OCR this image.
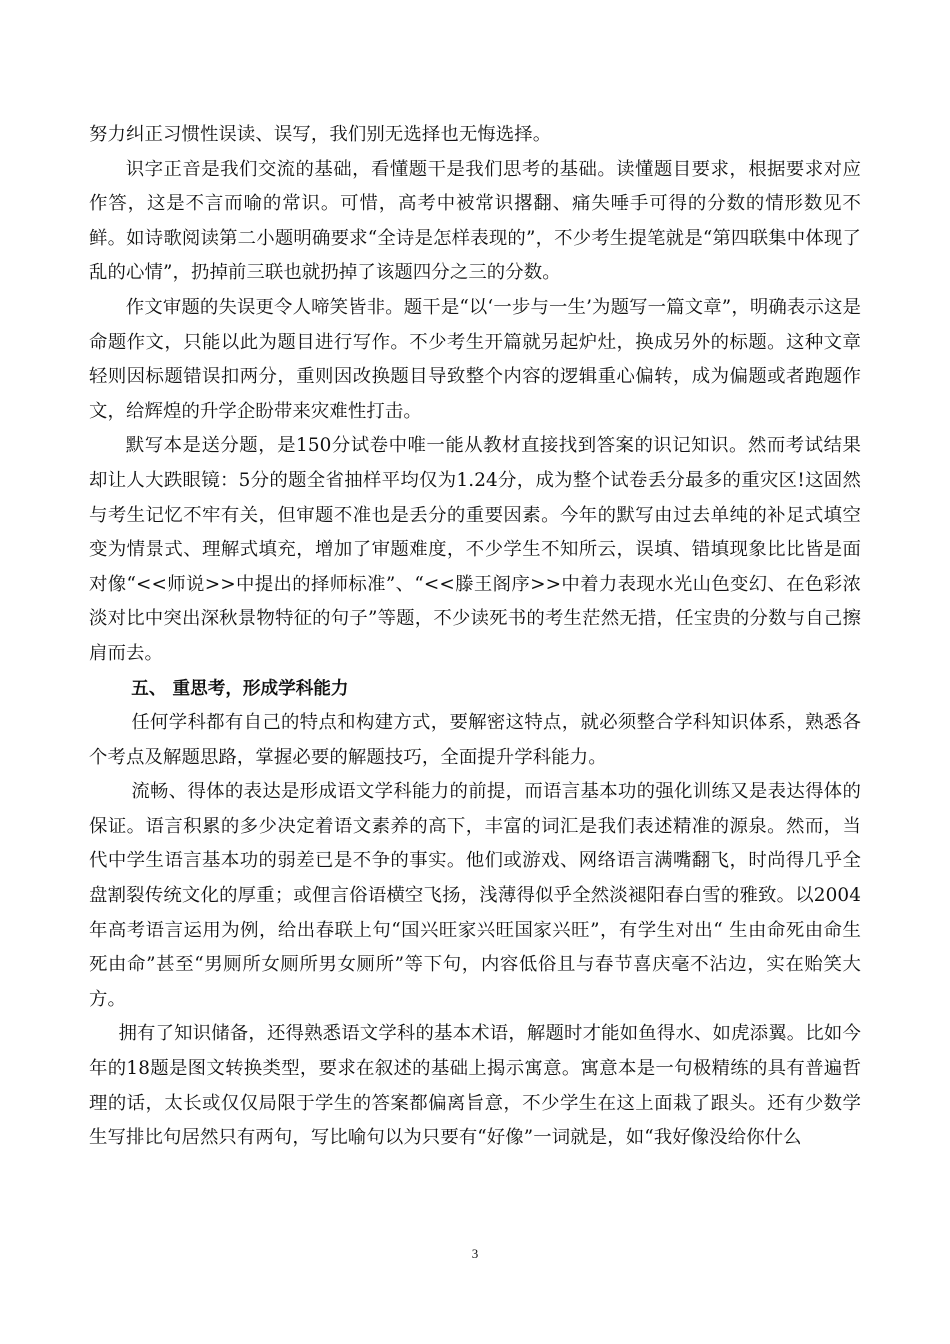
努力纠正习惯性误读、误写，我们别无选择也无悔选择。

识字正音是我们交流的基础，看懂题干是我们思考的基础。读懂题目要求，根据要求对应作答，这是不言而喻的常识。可惜，高考中被常识撂翻、痛失唾手可得的分数的情形数见不鲜。如诗歌阅读第二小题明确要求“全诗是怎样表现的”，不少考生提笔就是“第四联集中体现了乱的心情”，扔掉前三联也就扔掉了该题四分之三的分数。

作文审题的失误更令人啼笑皆非。题干是“以‘一步与一生’为题写一篇文章”，明确表示这是命题作文，只能以此为题目进行写作。不少考生开篇就另起炉灶，换成另外的标题。这种文章轻则因标题错误扣两分，重则因改换题目导致整个内容的逻辑重心偏转，成为偏题或者跑题作文，给辉煌的升学企盼带来灾难性打击。

默写本是送分题，是150分试卷中唯一能从教材直接找到答案的识记知识。然而考试结果却让人大跌眼镜：5分的题全省抽样平均仅为1.24分，成为整个试卷丢分最多的重灾区!这固然与考生记忆不牢有关，但审题不准也是丢分的重要因素。今年的默写由过去单纯的补足式填空变为情景式、理解式填充，增加了审题难度，不少学生不知所云，误填、错填现象比比皆是面对像“<<师说>>中提出的择师标准”、“<<滕王阁序>>中着力表现水光山色变幻、在色彩浓淡对比中突出深秋景物特征的句子”等题，不少读死书的考生茫然无措，任宝贵的分数与自己擦肩而去。

五、 重思考，形成学科能力

任何学科都有自己的特点和构建方式，要解密这特点，就必须整合学科知识体系，熟悉各个考点及解题思路，掌握必要的解题技巧，全面提升学科能力。

流畅、得体的表达是形成语文学科能力的前提，而语言基本功的强化训练又是表达得体的保证。语言积累的多少决定着语文素养的高下，丰富的词汇是我们表述精准的源泉。然而，当代中学生语言基本功的弱差已是不争的事实。他们或游戏、网络语言满嘴翻飞，时尚得几乎全盘割裂传统文化的厚重；或俚言俗语横空飞扬，浅薄得似乎全然淡褪阳春白雪的雅致。以2004年高考语言运用为例，给出春联上句“国兴旺家兴旺国家兴旺”，有学生对出“ 生由命死由命生死由命”甚至“男厕所女厕所男女厕所”等下句，内容低俗且与春节喜庆毫不沾边，实在贻笑大方。

拥有了知识储备，还得熟悉语文学科的基本术语，解题时才能如鱼得水、如虎添翼。比如今年的18题是图文转换类型，要求在叙述的基础上揭示寓意。寓意本是一句极精练的具有普遍哲理的话，太长或仅仅局限于学生的答案都偏离旨意，不少学生在这上面栽了跟头。还有少数学生写排比句居然只有两句，写比喻句以为只要有“好像”一词就是，如“我好像没给你什么

3
